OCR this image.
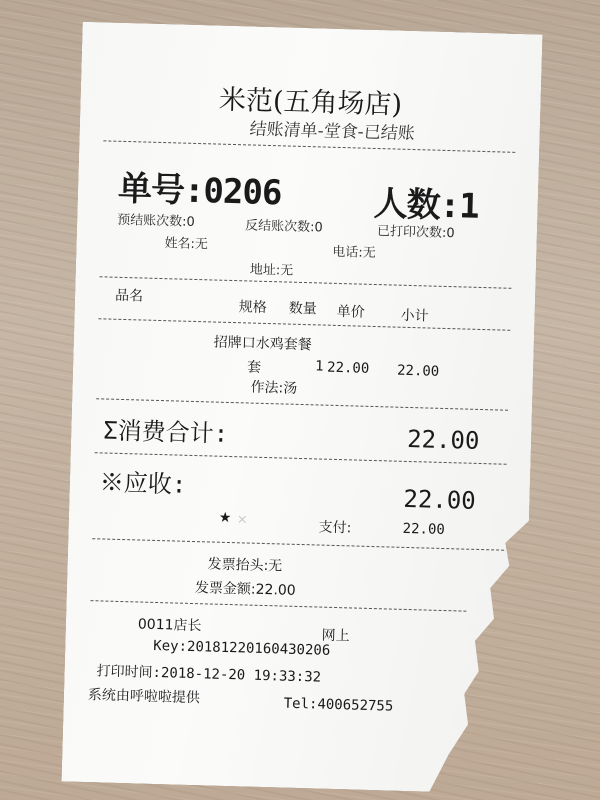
米范(五角场店)
结账清单-堂食-已结账
单号:0206	人数:1
预结账次数:0	反结账次数:0	已打印次数:0
姓名:无
电话:无
地址:无
品名
规格 数量 单价	小计
招牌口水鸡套餐
套	1 22.00 22.00
作法:汤
Σ消费合计:	22.00
※应收:
22.00
★ ×	支付:	22.00
发票抬头:无
发票金额:22.00
0011店长
网上
Key:20181220160430206
打印时间:2018-12-20 19:33:32
系统由呼啦啦提供	Tel:400652755
